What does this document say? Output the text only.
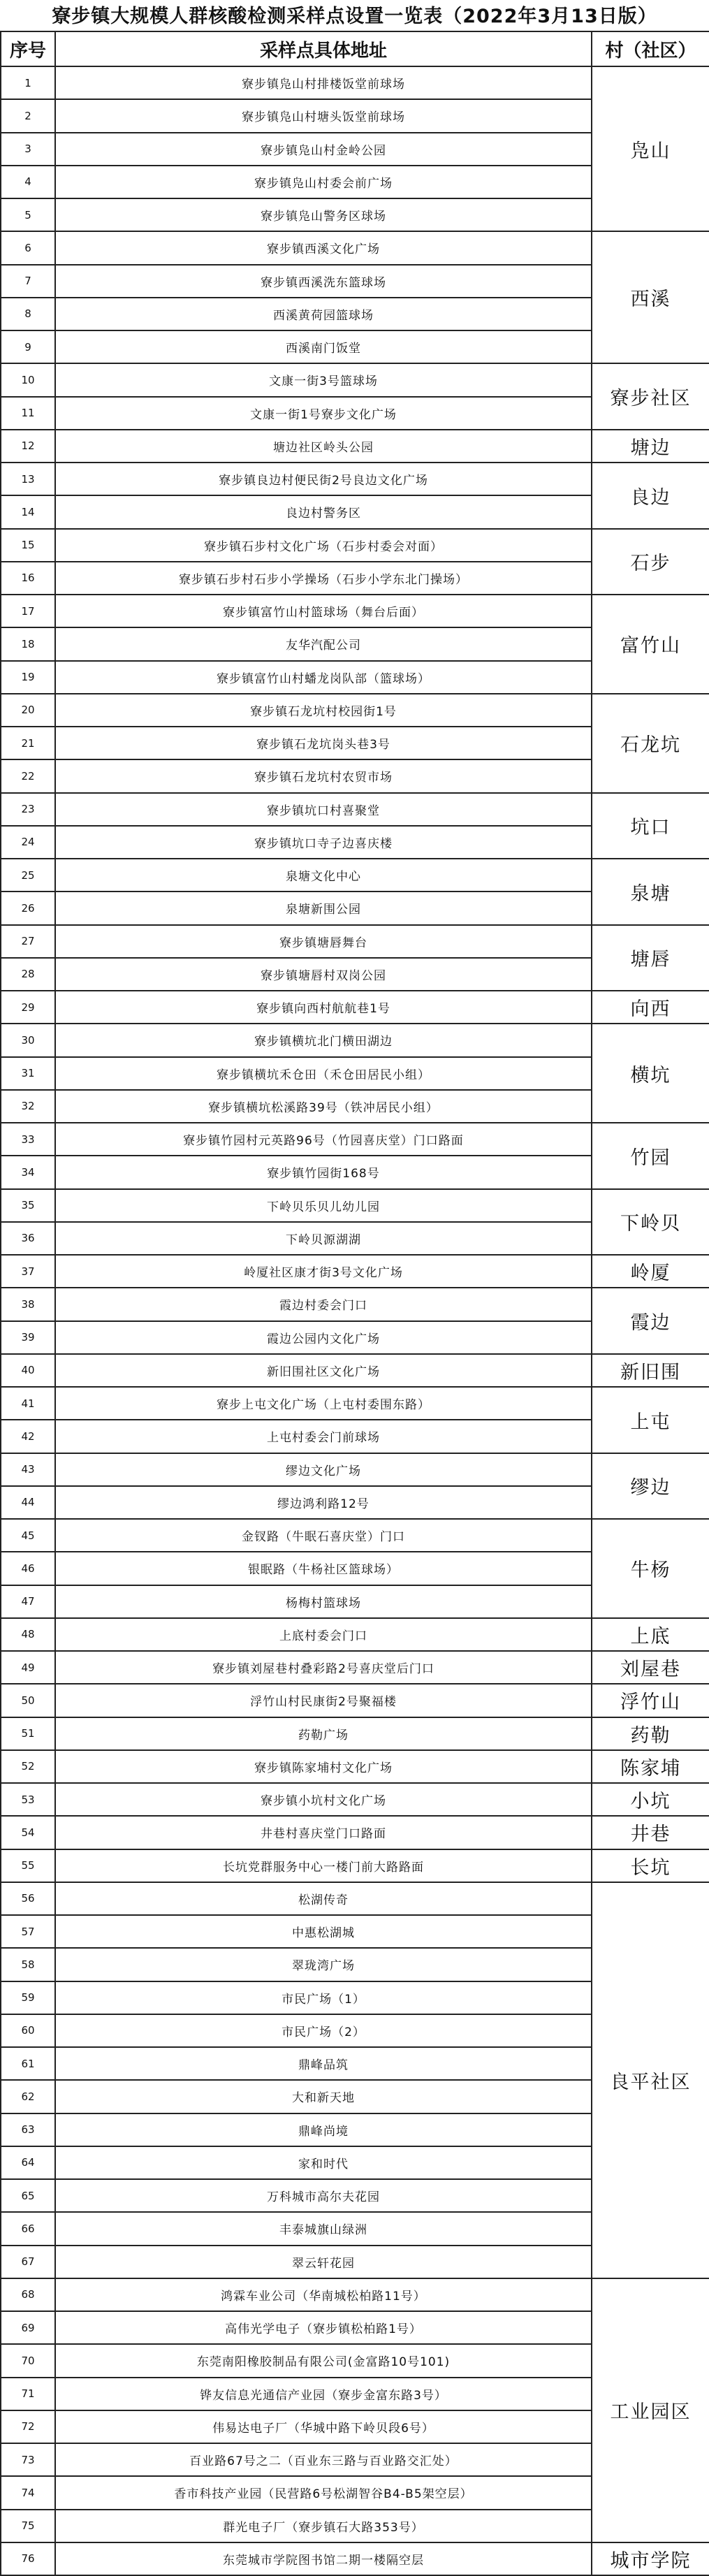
寮步镇大规模人群核酸检测采样点设置一览表（2022年3月13日版）
序号	采样点具体地址	村（社区）
1	寮步镇凫山村排楼饭堂前球场	凫山
2	寮步镇凫山村塘头饭堂前球场	
3	寮步镇凫山村金岭公园	
4	寮步镇凫山村委会前广场	
5	寮步镇凫山警务区球场	
6	寮步镇西溪文化广场	西溪
7	寮步镇西溪洗东篮球场	
8	西溪黄荷园篮球场	
9	西溪南门饭堂	
10	文康一街3号篮球场	寮步社区
11	文康一街1号寮步文化广场	
12	塘边社区岭头公园	塘边
13	寮步镇良边村便民街2号良边文化广场	良边
14	良边村警务区	
15	寮步镇石步村文化广场（石步村委会对面）	石步
16	寮步镇石步村石步小学操场（石步小学东北门操场）	
17	寮步镇富竹山村篮球场（舞台后面）	富竹山
18	友华汽配公司	
19	寮步镇富竹山村蟠龙岗队部（篮球场）	
20	寮步镇石龙坑村校园街1号	石龙坑
21	寮步镇石龙坑岗头巷3号	
22	寮步镇石龙坑村农贸市场	
23	寮步镇坑口村喜聚堂	坑口
24	寮步镇坑口寺子边喜庆楼	
25	泉塘文化中心	泉塘
26	泉塘新围公园	
27	寮步镇塘唇舞台	塘唇
28	寮步镇塘唇村双岗公园	
29	寮步镇向西村航航巷1号	向西
30	寮步镇横坑北门横田湖边	横坑
31	寮步镇横坑禾仓田（禾仓田居民小组）	
32	寮步镇横坑松溪路39号（铁冲居民小组）	
33	寮步镇竹园村元英路96号（竹园喜庆堂）门口路面	竹园
34	寮步镇竹园街168号	
35	下岭贝乐贝儿幼儿园	下岭贝
36	下岭贝源湖湖	
37	岭厦社区康才街3号文化广场	岭厦
38	霞边村委会门口	霞边
39	霞边公园内文化广场	
40	新旧围社区文化广场	新旧围
41	寮步上屯文化广场（上屯村委围东路）	上屯
42	上屯村委会门前球场	
43	缪边文化广场	缪边
44	缪边鸿利路12号	
45	金钗路（牛眠石喜庆堂）门口	牛杨
46	银眠路（牛杨社区篮球场）	
47	杨梅村篮球场	
48	上底村委会门口	上底
49	寮步镇刘屋巷村叠彩路2号喜庆堂后门口	刘屋巷
50	浮竹山村民康街2号聚福楼	浮竹山
51	药勒广场	药勒
52	寮步镇陈家埔村文化广场	陈家埔
53	寮步镇小坑村文化广场	小坑
54	井巷村喜庆堂门口路面	井巷
55	长坑党群服务中心一楼门前大路路面	长坑
56	松湖传奇	良平社区
57	中惠松湖城	
58	翠珑湾广场	
59	市民广场（1）	
60	市民广场（2）	
61	鼎峰品筑	
62	大和新天地	
63	鼎峰尚境	
64	家和时代	
65	万科城市高尔夫花园	
66	丰泰城旗山绿洲	
67	翠云轩花园	
68	鸿霖车业公司（华南城松柏路11号）	工业园区
69	高伟光学电子（寮步镇松柏路1号）	
70	东莞南阳橡胶制品有限公司(金富路10号101)	
71	铧友信息光通信产业园（寮步金富东路3号）	
72	伟易达电子厂（华城中路下岭贝段6号）	
73	百业路67号之二（百业东三路与百业路交汇处）	
74	香市科技产业园（民营路6号松湖智谷B4-B5架空层）	
75	群光电子厂（寮步镇石大路353号）	
76	东莞城市学院图书馆二期一楼隔空层	城市学院
